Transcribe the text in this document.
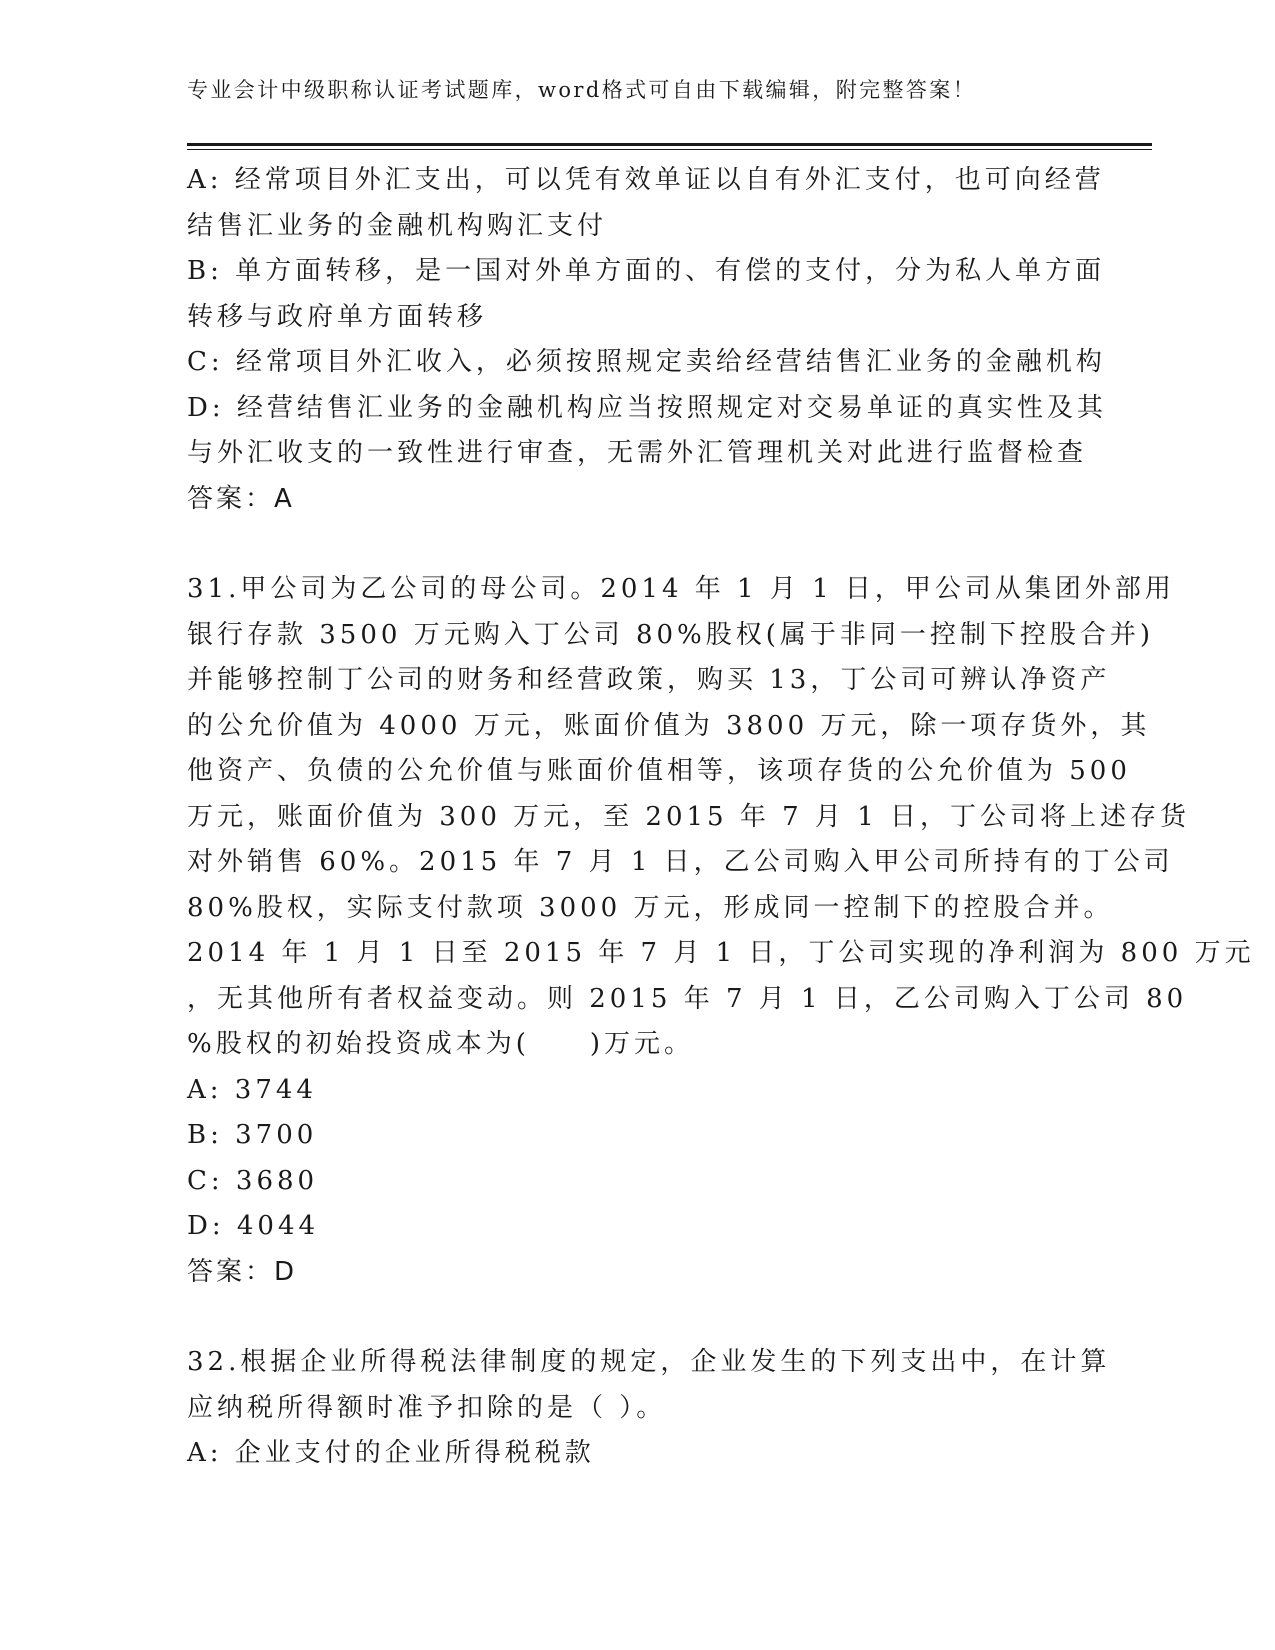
专业会计中级职称认证考试题库，word格式可自由下载编辑，附完整答案！
A: 经常项目外汇支出，可以凭有效单证以自有外汇支付，也可向经营
结售汇业务的金融机构购汇支付
B: 单方面转移，是一国对外单方面的、有偿的支付，分为私人单方面
转移与政府单方面转移
C: 经常项目外汇收入，必须按照规定卖给经营结售汇业务的金融机构
D: 经营结售汇业务的金融机构应当按照规定对交易单证的真实性及其
与外汇收支的一致性进行审查，无需外汇管理机关对此进行监督检查
答案：A
31.甲公司为乙公司的母公司。2014 年 1 月 1 日，甲公司从集团外部用
银行存款 3500 万元购入丁公司 80%股权(属于非同一控制下控股合并)
并能够控制丁公司的财务和经营政策，购买 13，丁公司可辨认净资产
的公允价值为 4000 万元，账面价值为 3800 万元，除一项存货外，其
他资产、负债的公允价值与账面价值相等，该项存货的公允价值为 500
万元，账面价值为 300 万元，至 2015 年 7 月 1 日，丁公司将上述存货
对外销售 60%。2015 年 7 月 1 日，乙公司购入甲公司所持有的丁公司
80%股权，实际支付款项 3000 万元，形成同一控制下的控股合并。
2014 年 1 月 1 日至 2015 年 7 月 1 日，丁公司实现的净利润为 800 万元
，无其他所有者权益变动。则 2015 年 7 月 1 日，乙公司购入丁公司 80
%股权的初始投资成本为(　　)万元。
A: 3744
B: 3700
C: 3680
D: 4044
答案：D
32.根据企业所得税法律制度的规定，企业发生的下列支出中，在计算
应纳税所得额时准予扣除的是（ ）。
A: 企业支付的企业所得税税款
